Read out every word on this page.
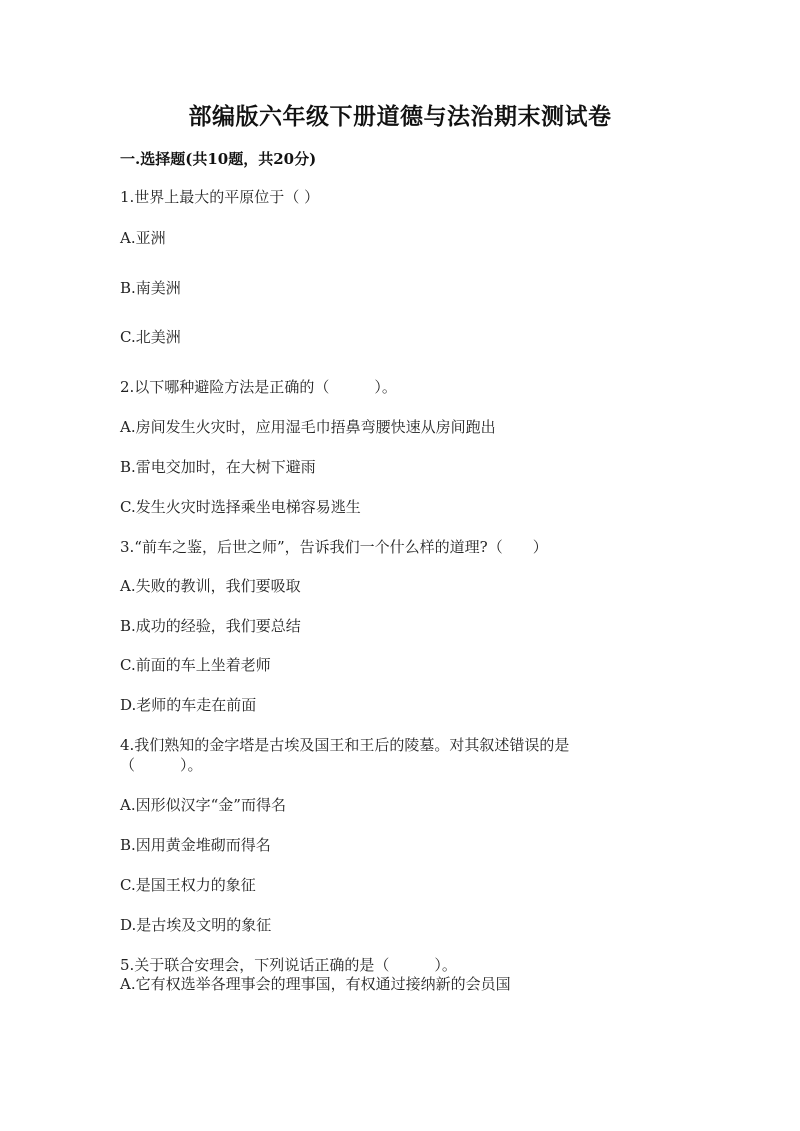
部编版六年级下册道德与法治期末测试卷
一.选择题(共10题，共20分)
1.世界上最大的平原位于（ ）
A.亚洲
B.南美洲
C.北美洲
2.以下哪种避险方法是正确的（　　　）。
A.房间发生火灾时，应用湿毛巾捂鼻弯腰快速从房间跑出
B.雷电交加时，在大树下避雨
C.发生火灾时选择乘坐电梯容易逃生
3.“前车之鉴，后世之师”，告诉我们一个什么样的道理?（　　）
A.失败的教训，我们要吸取
B.成功的经验，我们要总结
C.前面的车上坐着老师
D.老师的车走在前面
4.我们熟知的金字塔是古埃及国王和王后的陵墓。对其叙述错误的是（　　　）。
A.因形似汉字“金”而得名
B.因用黄金堆砌而得名
C.是国王权力的象征
D.是古埃及文明的象征
5.关于联合安理会，下列说话正确的是（　　　）。
A.它有权选举各理事会的理事国，有权通过接纳新的会员国
